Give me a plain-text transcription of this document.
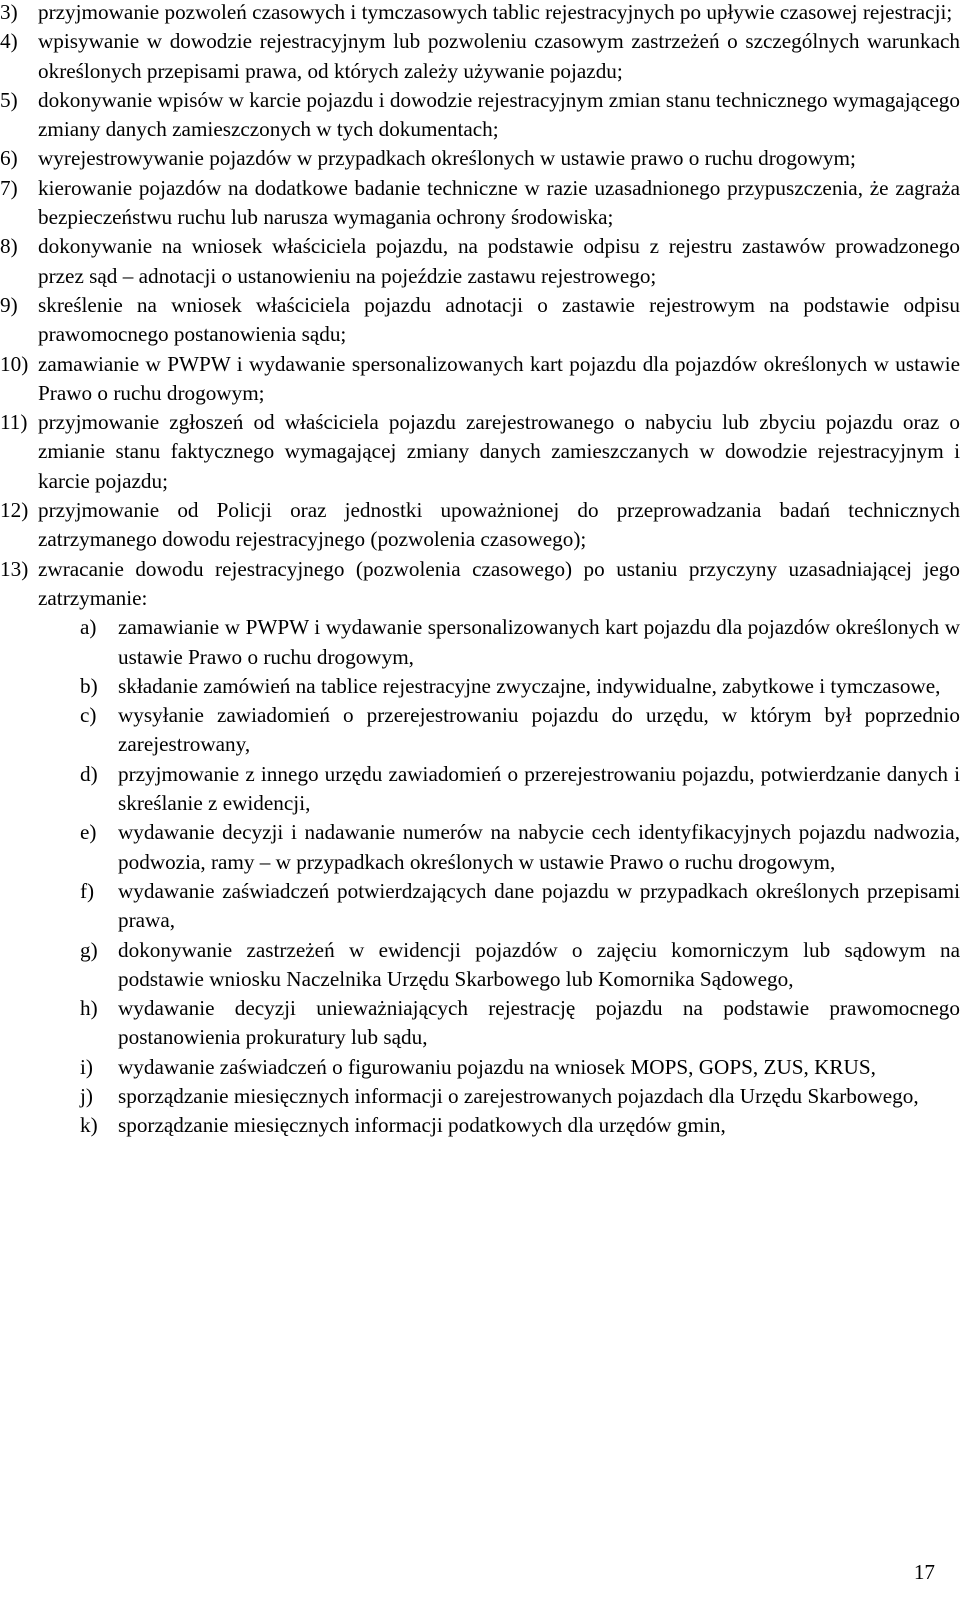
3) przyjmowanie pozwoleń czasowych i tymczasowych tablic rejestracyjnych po upływie czasowej rejestracji;

4) wpisywanie w dowodzie rejestracyjnym lub pozwoleniu czasowym zastrzeżeń o szczególnych warunkach określonych przepisami prawa, od których zależy używanie pojazdu;

5) dokonywanie wpisów w karcie pojazdu i dowodzie rejestracyjnym zmian stanu technicznego wymagającego zmiany danych zamieszczonych w tych dokumentach;

6) wyrejestrowywanie pojazdów w przypadkach określonych w ustawie prawo o ruchu drogowym;

7) kierowanie pojazdów na dodatkowe badanie techniczne w razie uzasadnionego przypuszczenia, że zagraża bezpieczeństwu ruchu lub narusza wymagania ochrony środowiska;

8) dokonywanie na wniosek właściciela pojazdu, na podstawie odpisu z rejestru zastawów prowadzonego przez sąd – adnotacji o ustanowieniu na pojeździe zastawu rejestrowego;

9) skreślenie na wniosek właściciela pojazdu adnotacji o zastawie rejestrowym na podstawie odpisu prawomocnego postanowienia sądu;

10) zamawianie w PWPW i wydawanie spersonalizowanych kart pojazdu dla pojazdów określonych w ustawie Prawo o ruchu drogowym;

11) przyjmowanie zgłoszeń od właściciela pojazdu zarejestrowanego o nabyciu lub zbyciu pojazdu oraz o zmianie stanu faktycznego wymagającej zmiany danych zamieszczanych w dowodzie rejestracyjnym i karcie pojazdu;

12) przyjmowanie od Policji oraz jednostki upoważnionej do przeprowadzania badań technicznych zatrzymanego dowodu rejestracyjnego (pozwolenia czasowego);

13) zwracanie dowodu rejestracyjnego (pozwolenia czasowego) po ustaniu przyczyny uzasadniającej jego zatrzymanie:

a) zamawianie w PWPW i wydawanie spersonalizowanych kart pojazdu dla pojazdów określonych w ustawie Prawo o ruchu drogowym,

b) składanie zamówień na tablice rejestracyjne zwyczajne, indywidualne, zabytkowe i tymczasowe,

c) wysyłanie zawiadomień o przerejestrowaniu pojazdu do urzędu, w którym był poprzednio zarejestrowany,

d) przyjmowanie z innego urzędu zawiadomień o przerejestrowaniu pojazdu, potwierdzanie danych i skreślanie z ewidencji,

e) wydawanie decyzji i nadawanie numerów na nabycie cech identyfikacyjnych pojazdu nadwozia, podwozia, ramy – w przypadkach określonych w ustawie Prawo o ruchu drogowym,

f) wydawanie zaświadczeń potwierdzających dane pojazdu w przypadkach określonych przepisami prawa,

g) dokonywanie zastrzeżeń w ewidencji pojazdów o zajęciu komorniczym lub sądowym na podstawie wniosku Naczelnika Urzędu Skarbowego lub Komornika Sądowego,

h) wydawanie decyzji unieważniających rejestrację pojazdu na podstawie prawomocnego postanowienia prokuratury lub sądu,

i) wydawanie zaświadczeń o figurowaniu pojazdu na wniosek MOPS, GOPS, ZUS, KRUS,

j) sporządzanie miesięcznych informacji o zarejestrowanych pojazdach dla Urzędu Skarbowego,

k) sporządzanie miesięcznych informacji podatkowych dla urzędów gmin,

17
